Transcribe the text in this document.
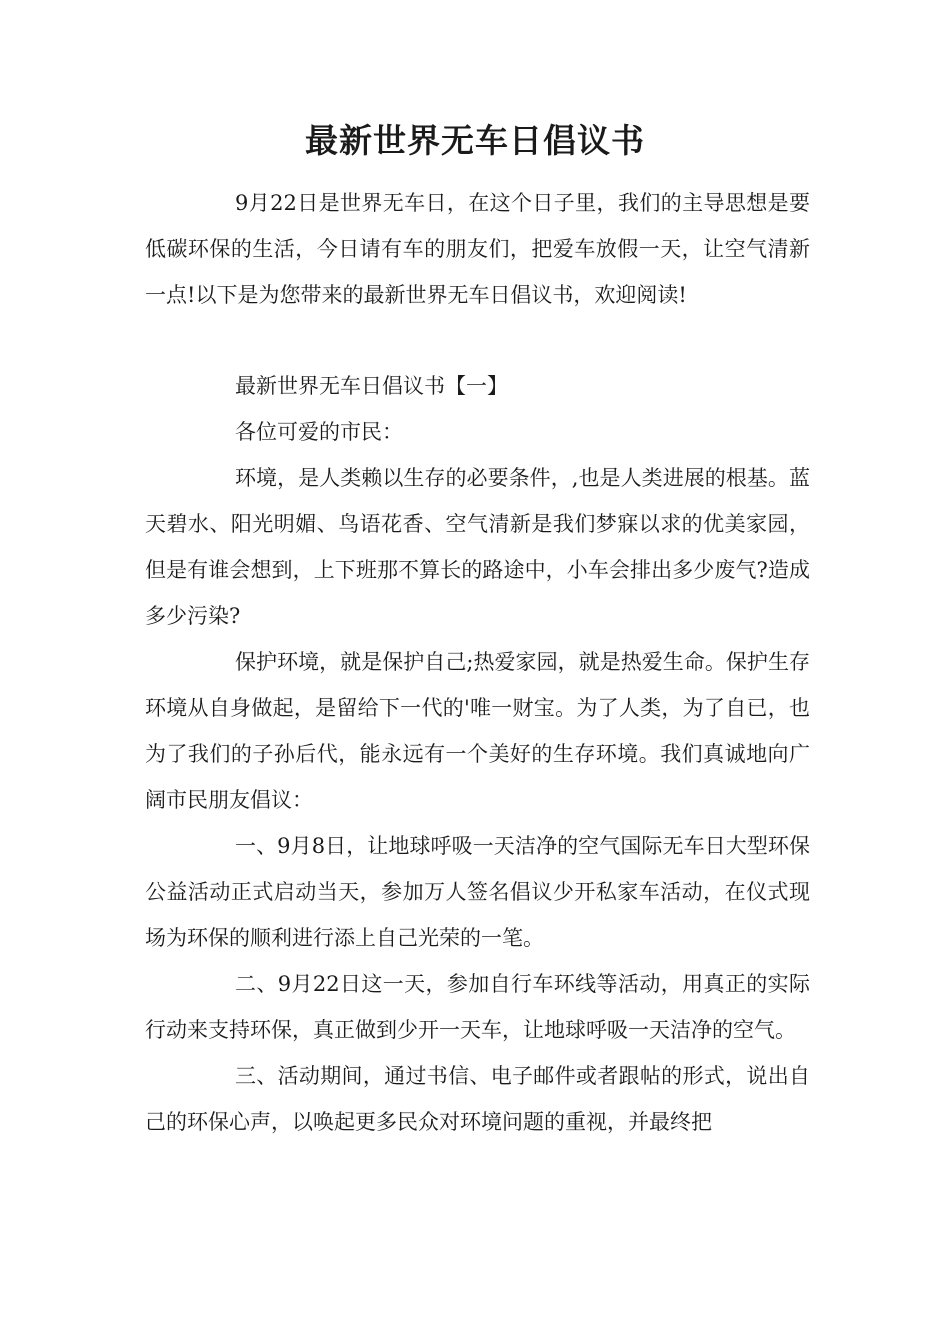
最新世界无车日倡议书

9月22日是世界无车日，在这个日子里，我们的主导思想是要低碳环保的生活，今日请有车的朋友们，把爱车放假一天，让空气清新一点!以下是为您带来的最新世界无车日倡议书，欢迎阅读!

最新世界无车日倡议书【一】

各位可爱的市民：

环境，是人类赖以生存的必要条件，,也是人类进展的根基。蓝天碧水、阳光明媚、鸟语花香、空气清新是我们梦寐以求的优美家园，但是有谁会想到，上下班那不算长的路途中，小车会排出多少废气?造成多少污染?

保护环境，就是保护自己;热爱家园，就是热爱生命。保护生存环境从自身做起，是留给下一代的'唯一财宝。为了人类，为了自已，也为了我们的子孙后代，能永远有一个美好的生存环境。我们真诚地向广阔市民朋友倡议：

一、9月8日，让地球呼吸一天洁净的空气国际无车日大型环保公益活动正式启动当天，参加万人签名倡议少开私家车活动，在仪式现场为环保的顺利进行添上自己光荣的一笔。

二、9月22日这一天，参加自行车环线等活动，用真正的实际行动来支持环保，真正做到少开一天车，让地球呼吸一天洁净的空气。

三、活动期间，通过书信、电子邮件或者跟帖的形式，说出自己的环保心声，以唤起更多民众对环境问题的重视，并最终把
